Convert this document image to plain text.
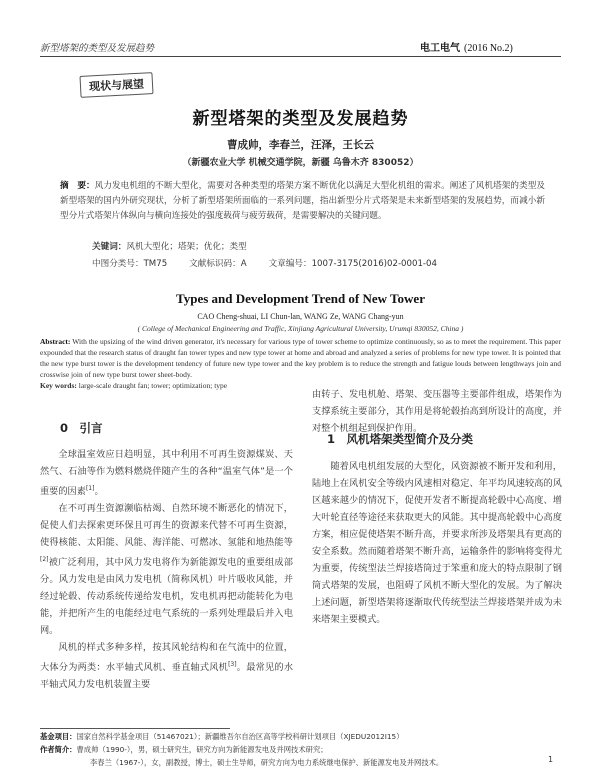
新型塔架的类型及发展趋势	电工电气 (2016 No.2)
现状与展望
新型塔架的类型及发展趋势
曹成帅，李春兰，汪泽，王长云
（新疆农业大学 机械交通学院，新疆 乌鲁木齐 830052）
摘　要：风力发电机组的不断大型化，需要对各种类型的塔架方案不断优化以满足大型化机组的需求。阐述了风机塔架的类型及新型塔架的国内外研究现状，分析了新型塔架所面临的一系列问题，指出新型分片式塔架是未来新型塔架的发展趋势，而减小新型分片式塔架片体纵向与横向连接处的强度载荷与疲劳载荷，是需要解决的关键问题。
关键词：风机大型化；塔架；优化；类型
中图分类号：TM75	文献标识码：A	文章编号：1007-3175(2016)02-0001-04
Types and Development Trend of New Tower
CAO Cheng-shuai, LI Chun-lan, WANG Ze, WANG Chang-yun
( College of Mechanical Engineering and Traffic, Xinjiang Agricultural University, Urumqi 830052, China )
Abstract: With the upsizing of the wind driven generator, it's necessary for various type of tower scheme to optimize continuously, so as to meet the requirement. This paper expounded that the research status of draught fan tower types and new type tower at home and abroad and analyzed a series of problems for new type tower. It is pointed that the new type burst tower is the development tendency of future new type tower and the key problem is to reduce the strength and fatigue louds between lengthways join and crosswise join of new type burst tower sheet-body.
Key words: large-scale draught fan; tower; optimization; type
0　引言

全球温室效应日趋明显，其中利用不可再生资源煤炭、天然气、石油等作为燃料燃烧伴随产生的各种“温室气体”是一个重要的因素[1]。

在不可再生资源濒临枯竭、自然环境不断恶化的情况下，促使人们去探索更环保且可再生的资源来代替不可再生资源，使得核能、太阳能、风能、海洋能、可燃冰、氢能和地热能等[2]被广泛利用，其中风力发电将作为新能源发电的重要组成部分。风力发电是由风力发电机（简称风机）叶片吸收风能，并经过轮毂、传动系统传递给发电机，发电机再把动能转化为电能，并把所产生的电能经过电气系统的一系列处理最后并入电网。

风机的样式多种多样，按其风轮结构和在气流中的位置，大体分为两类：水平轴式风机、垂直轴式风机[3]。最常见的水平轴式风力发电机装置主要

由转子、发电机舱、塔架、变压器等主要部件组成，塔架作为支撑系统主要部分，其作用是将轮毂抬高到所设计的高度，并对整个机组起到保护作用。

1　风机塔架类型简介及分类

随着风电机组发展的大型化，风资源被不断开发和利用，陆地上在风机安全等级内风速相对稳定、年平均风速较高的风区越来越少的情况下，促使开发者不断提高轮毂中心高度、增大叶轮直径等途径来获取更大的风能。其中提高轮毂中心高度方案，相应促使塔架不断升高，并要求所涉及塔架具有更高的安全系数。然而随着塔架不断升高，运输条件的影响将变得尤为重要，传统型法兰焊接塔筒过于笨重和庞大的特点限制了钢筒式塔架的发展，也阻碍了风机不断大型化的发展。为了解决上述问题，新型塔架将逐渐取代传统型法兰焊接塔架并成为未来塔架主要模式。

基金项目：国家自然科学基金项目（51467021）；新疆维吾尔自治区高等学校科研计划项目（XJEDU2012I15）
作者简介：曹成帅（1990-），男，硕士研究生，研究方向为新能源发电及并网技术研究；
李春兰（1967-），女，副教授，博士，硕士生导师，研究方向为电力系统继电保护、新能源发电及并网技术。	1
